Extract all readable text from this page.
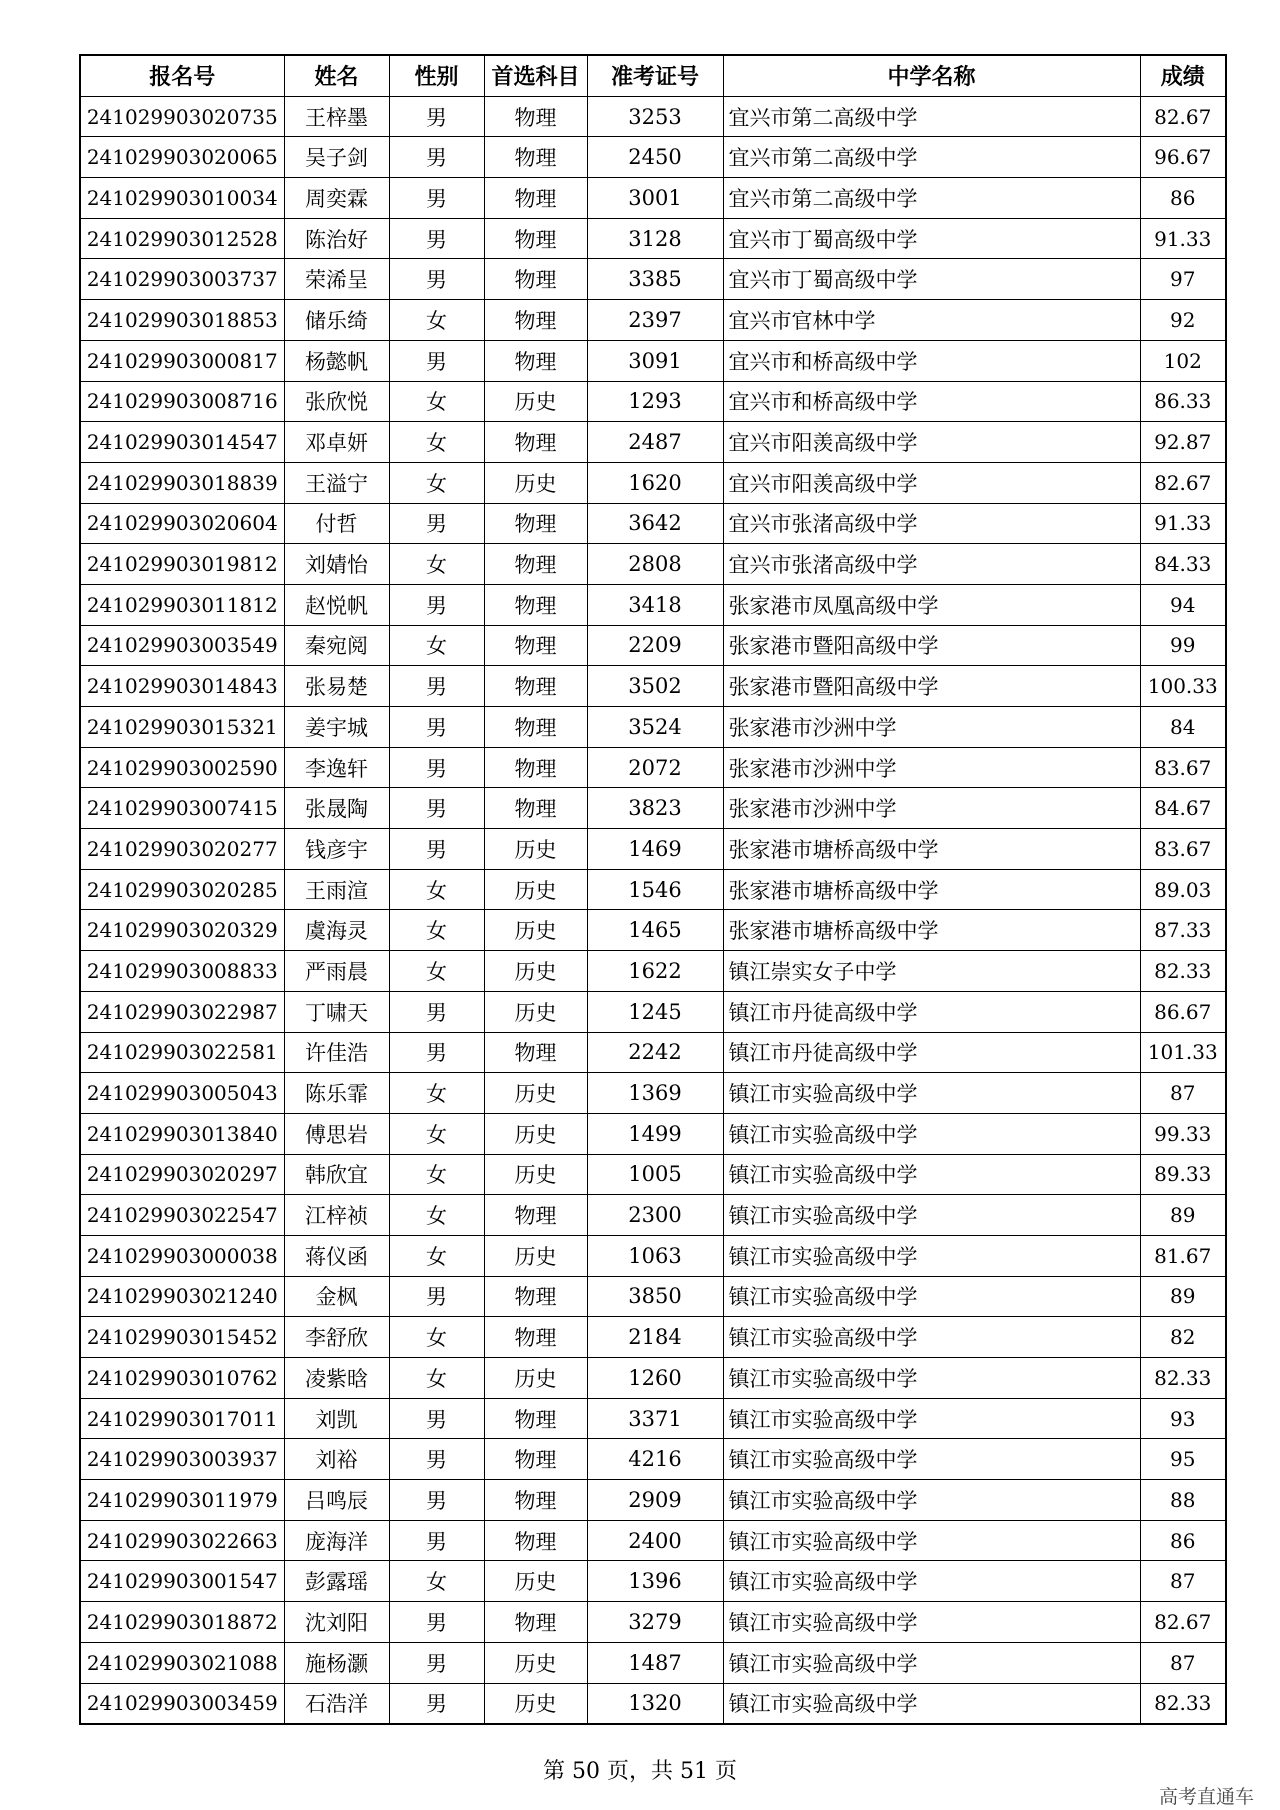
报名号	姓名	性别	首选科目	准考证号	中学名称	成绩
241029903020735	王梓墨	男	物理	3253	宜兴市第二高级中学	82.67
241029903020065	吴子剑	男	物理	2450	宜兴市第二高级中学	96.67
241029903010034	周奕霖	男	物理	3001	宜兴市第二高级中学	86
241029903012528	陈治好	男	物理	3128	宜兴市丁蜀高级中学	91.33
241029903003737	荣浠呈	男	物理	3385	宜兴市丁蜀高级中学	97
241029903018853	储乐绮	女	物理	2397	宜兴市官林中学	92
241029903000817	杨懿帆	男	物理	3091	宜兴市和桥高级中学	102
241029903008716	张欣悦	女	历史	1293	宜兴市和桥高级中学	86.33
241029903014547	邓卓妍	女	物理	2487	宜兴市阳羡高级中学	92.87
241029903018839	王溢宁	女	历史	1620	宜兴市阳羡高级中学	82.67
241029903020604	付哲	男	物理	3642	宜兴市张渚高级中学	91.33
241029903019812	刘婧怡	女	物理	2808	宜兴市张渚高级中学	84.33
241029903011812	赵悦帆	男	物理	3418	张家港市凤凰高级中学	94
241029903003549	秦宛阅	女	物理	2209	张家港市暨阳高级中学	99
241029903014843	张易楚	男	物理	3502	张家港市暨阳高级中学	100.33
241029903015321	姜宇城	男	物理	3524	张家港市沙洲中学	84
241029903002590	李逸轩	男	物理	2072	张家港市沙洲中学	83.67
241029903007415	张晟陶	男	物理	3823	张家港市沙洲中学	84.67
241029903020277	钱彦宇	男	历史	1469	张家港市塘桥高级中学	83.67
241029903020285	王雨渲	女	历史	1546	张家港市塘桥高级中学	89.03
241029903020329	虞海灵	女	历史	1465	张家港市塘桥高级中学	87.33
241029903008833	严雨晨	女	历史	1622	镇江崇实女子中学	82.33
241029903022987	丁啸天	男	历史	1245	镇江市丹徒高级中学	86.67
241029903022581	许佳浩	男	物理	2242	镇江市丹徒高级中学	101.33
241029903005043	陈乐霏	女	历史	1369	镇江市实验高级中学	87
241029903013840	傅思岩	女	历史	1499	镇江市实验高级中学	99.33
241029903020297	韩欣宜	女	历史	1005	镇江市实验高级中学	89.33
241029903022547	江梓祯	女	物理	2300	镇江市实验高级中学	89
241029903000038	蒋仪函	女	历史	1063	镇江市实验高级中学	81.67
241029903021240	金枫	男	物理	3850	镇江市实验高级中学	89
241029903015452	李舒欣	女	物理	2184	镇江市实验高级中学	82
241029903010762	凌紫晗	女	历史	1260	镇江市实验高级中学	82.33
241029903017011	刘凯	男	物理	3371	镇江市实验高级中学	93
241029903003937	刘裕	男	物理	4216	镇江市实验高级中学	95
241029903011979	吕鸣辰	男	物理	2909	镇江市实验高级中学	88
241029903022663	庞海洋	男	物理	2400	镇江市实验高级中学	86
241029903001547	彭露瑶	女	历史	1396	镇江市实验高级中学	87
241029903018872	沈刘阳	男	物理	3279	镇江市实验高级中学	82.67
241029903021088	施杨灏	男	历史	1487	镇江市实验高级中学	87
241029903003459	石浩洋	男	历史	1320	镇江市实验高级中学	82.33
第 50 页，共 51 页
高考直通车
